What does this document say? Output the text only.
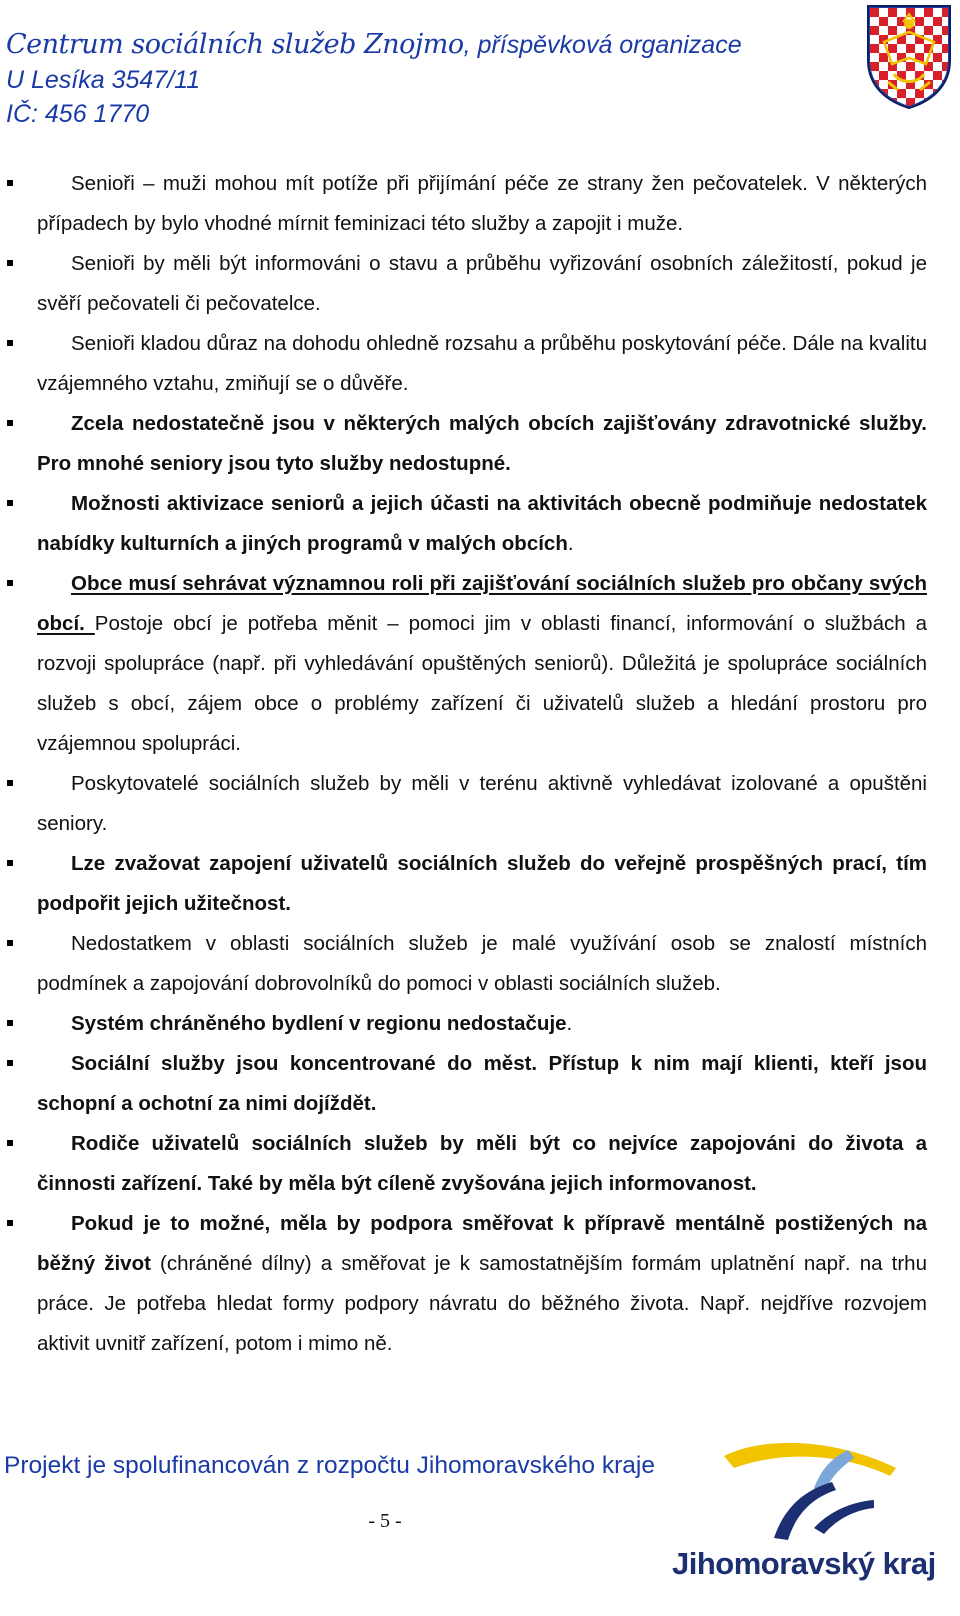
Centrum sociálních služeb Znojmo, příspěvková organizace
U Lesíka 3547/11
IČ: 456 1770
Senioři – muži mohou mít potíže při přijímání péče ze strany žen pečovatelek. V některých případech by bylo vhodné mírnit feminizaci této služby a zapojit i muže.
Senioři by měli být informováni o stavu a průběhu vyřizování osobních záležitostí, pokud je svěří pečovateli či pečovatelce.
Senioři kladou důraz na dohodu ohledně rozsahu a průběhu poskytování péče. Dále na kvalitu vzájemného vztahu, zmiňují se o důvěře.
Zcela nedostatečně jsou v některých malých obcích zajišťovány zdravotnické služby. Pro mnohé seniory jsou tyto služby nedostupné.
Možnosti aktivizace seniorů a jejich účasti na aktivitách obecně podmiňuje nedostatek nabídky kulturních a jiných programů v malých obcích.
Obce musí sehrávat významnou roli při zajišťování sociálních služeb pro občany svých obcí. Postoje obcí je potřeba měnit – pomoci jim v oblasti financí, informování o službách a rozvoji spolupráce (např. při vyhledávání opuštěných seniorů). Důležitá je spolupráce sociálních služeb s obcí, zájem obce o problémy zařízení či uživatelů služeb a hledání prostoru pro vzájemnou spolupráci.
Poskytovatelé sociálních služeb by měli v terénu aktivně vyhledávat izolované a opuštěni seniory.
Lze zvažovat zapojení uživatelů sociálních služeb do veřejně prospěšných prací, tím podpořit jejich užitečnost.
Nedostatkem v oblasti sociálních služeb je malé využívání osob se znalostí místních podmínek a zapojování dobrovolníků do pomoci v oblasti sociálních služeb.
Systém chráněného bydlení v regionu nedostačuje.
Sociální služby jsou koncentrované do měst. Přístup k nim mají klienti, kteří jsou schopní a ochotní za nimi dojíždět.
Rodiče uživatelů sociálních služeb by měli být co nejvíce zapojováni do života a činnosti zařízení. Také by měla být cíleně zvyšována jejich informovanost.
Pokud je to možné, měla by podpora směřovat k přípravě mentálně postižených na běžný život (chráněné dílny) a směřovat je k samostatnějším formám uplatnění např. na trhu práce. Je potřeba hledat formy podpory návratu do běžného života. Např. nejdříve rozvojem aktivit uvnitř zařízení, potom i mimo ně.
Projekt je spolufinancován z rozpočtu Jihomoravského kraje
- 5 -
Jihomoravský kraj
